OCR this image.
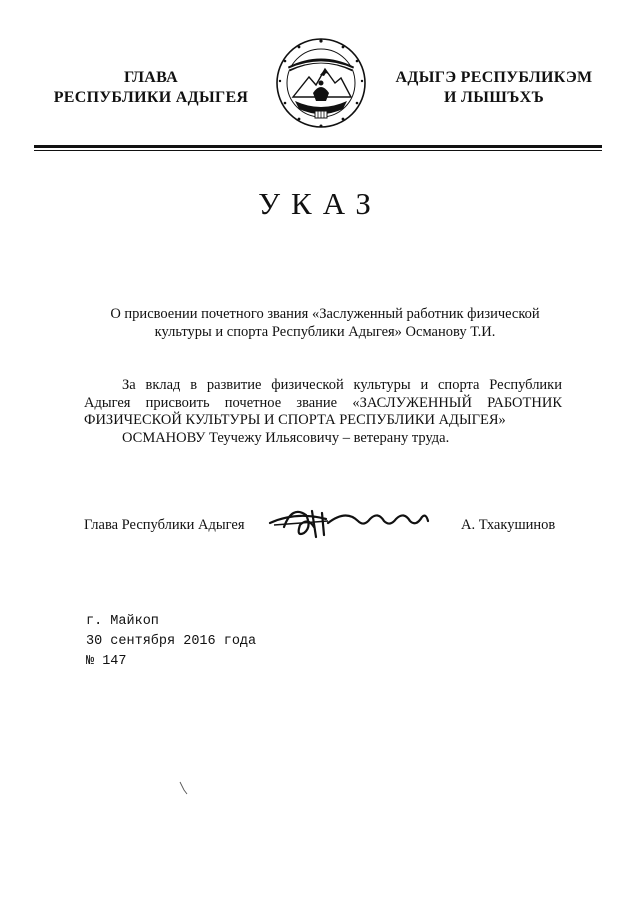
ГЛАВА
РЕСПУБЛИКИ АДЫГЕЯ
АДЫГЭ РЕСПУБЛИКЭМ
И ЛЫШЪХЪ
УКАЗ
О присвоении почетного звания «Заслуженный работник физической
культуры и спорта Республики Адыгея» Османову Т.И.

За вклад в развитие физической культуры и спорта Республики Адыгея присвоить почетное звание «ЗАСЛУЖЕННЫЙ РАБОТНИК ФИЗИЧЕСКОЙ КУЛЬТУРЫ И СПОРТА РЕСПУБЛИКИ АДЫГЕЯ»

ОСМАНОВУ Теучежу Ильясовичу – ветерану труда.

Глава Республики Адыгея	А. Тхакушинов
г. Майкоп
30 сентября 2016 года
№ 147
